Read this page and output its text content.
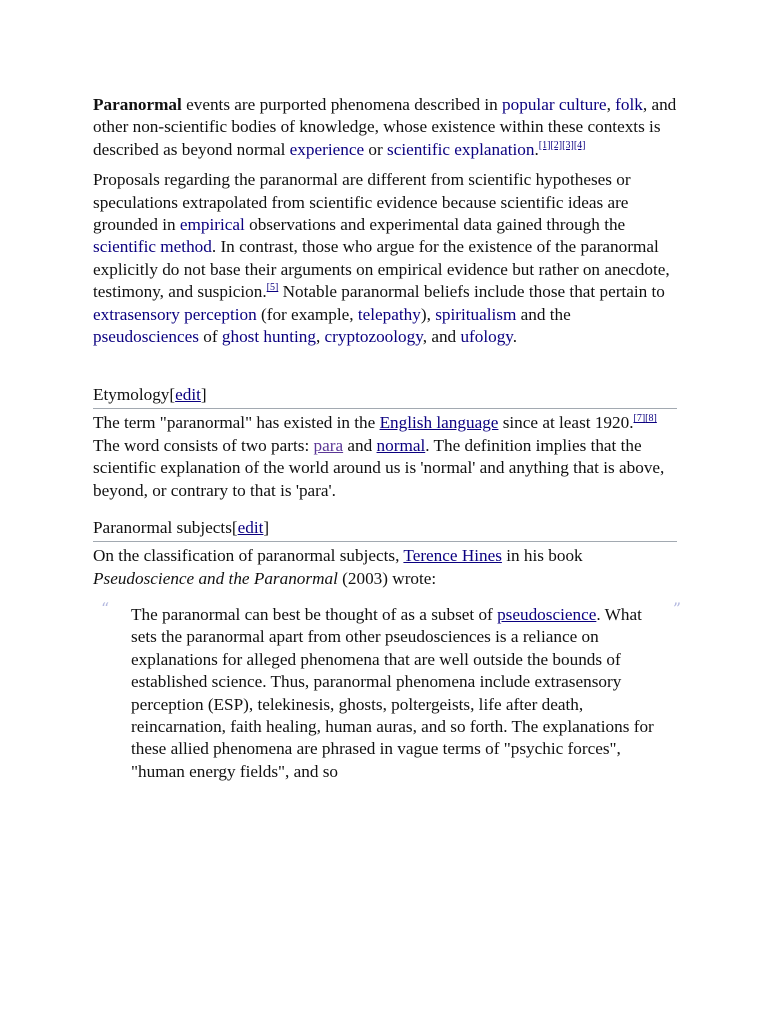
Paranormal events are purported phenomena described in popular culture, folk, and other non-scientific bodies of knowledge, whose existence within these contexts is described as beyond normal experience or scientific explanation.[1][2][3][4]

Proposals regarding the paranormal are different from scientific hypotheses or speculations extrapolated from scientific evidence because scientific ideas are grounded in empirical observations and experimental data gained through the scientific method. In contrast, those who argue for the existence of the paranormal explicitly do not base their arguments on empirical evidence but rather on anecdote, testimony, and suspicion.[5] Notable paranormal beliefs include those that pertain to extrasensory perception (for example, telepathy), spiritualism and the pseudosciences of ghost hunting, cryptozoology, and ufology.

Etymology[edit]

The term "paranormal" has existed in the English language since at least 1920.[7][8] The word consists of two parts: para and normal. The definition implies that the scientific explanation of the world around us is 'normal' and anything that is above, beyond, or contrary to that is 'para'.

Paranormal subjects[edit]

On the classification of paranormal subjects, Terence Hines in his book Pseudoscience and the Paranormal (2003) wrote:

“	”

The paranormal can best be thought of as a subset of pseudoscience. What sets the paranormal apart from other pseudosciences is a reliance on explanations for alleged phenomena that are well outside the bounds of established science. Thus, paranormal phenomena include extrasensory perception (ESP), telekinesis, ghosts, poltergeists, life after death, reincarnation, faith healing, human auras, and so forth. The explanations for these allied phenomena are phrased in vague terms of "psychic forces", "human energy fields", and so
